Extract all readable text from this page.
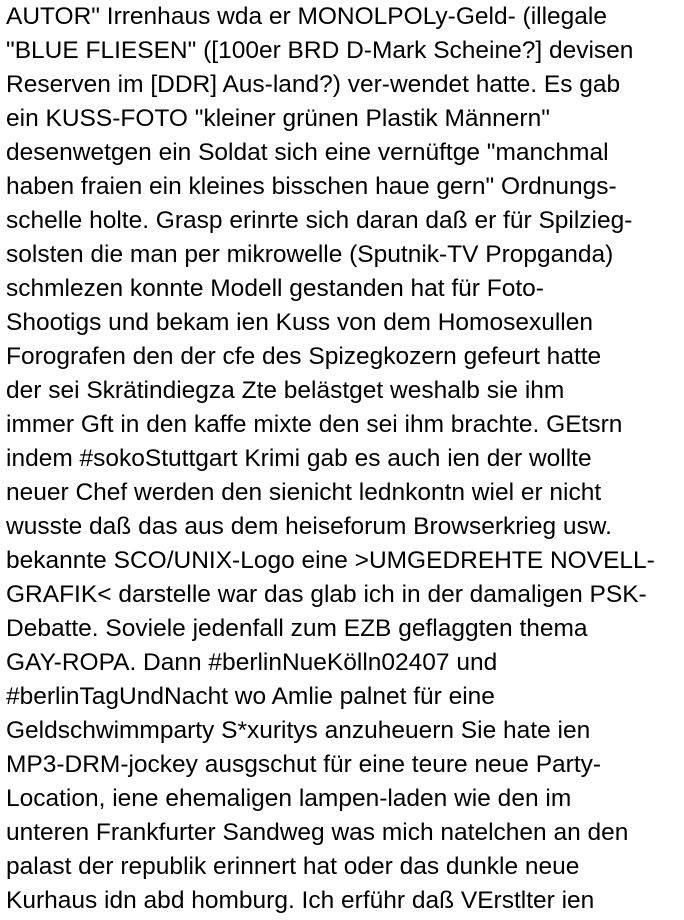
AUTOR" Irrenhaus wda er MONOLPOLy-Geld- (illegale
"BLUE FLIESEN" ([100er BRD D-Mark Scheine?] devisen
Reserven im [DDR] Aus-land?) ver-wendet hatte. Es gab
ein KUSS-FOTO "kleiner grünen Plastik Männern"
desenwetgen ein Soldat sich eine vernüftge "manchmal
haben fraien ein kleines bisschen haue gern" Ordnungs-
schelle holte. Grasp erinrte sich daran daß er für Spilzieg-
solsten die man per mikrowelle (Sputnik-TV Propganda)
schmlezen konnte Modell gestanden hat für Foto-
Shootigs und bekam ien Kuss von dem Homosexullen
Forografen den der cfe des Spizegkozern gefeurt hatte
der sei Skrätindiegza Zte belästget weshalb sie ihm
immer Gft in den kaffe mixte den sei ihm brachte. GEtsrn
indem #sokoStuttgart Krimi gab es auch ien der wollte
neuer Chef werden den sienicht lednkontn wiel er nicht
wusste daß das aus dem heiseforum Browserkrieg usw.
bekannte SCO/UNIX-Logo eine >UMGEDREHTE NOVELL-
GRAFIK< darstelle war das glab ich in der damaligen PSK-
Debatte. Soviele jedenfall zum EZB geflaggten thema
GAY-ROPA. Dann #berlinNueKölln02407 und
#berlinTagUndNacht wo Amlie palnet für eine
Geldschwimmparty S*xuritys anzuheuern Sie hate ien
MP3-DRM-jockey ausgschut für eine teure neue Party-
Location, iene ehemaligen lampen-laden wie den im
unteren Frankfurter Sandweg was mich natelchen an den
palast der republik erinnert hat oder das dunkle neue
Kurhaus idn abd homburg. Ich erführ daß VErstlter ien
